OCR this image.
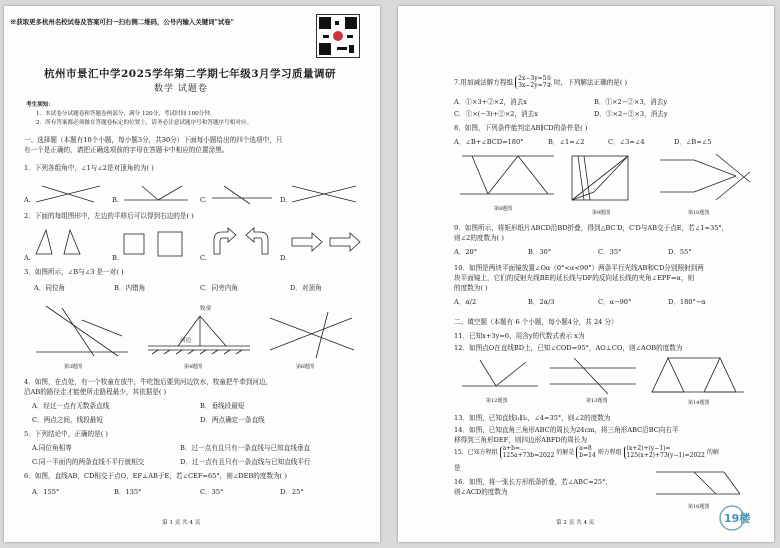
※获取更多杭州名校试卷及答案可扫一扫右侧二维码，公号内输入关键词"试卷"
杭州市景汇中学2025学年第二学期七年级3月学习质量调研
数学 试题卷
考生须知：
1．本试卷分试题卷和答题卷两部分，满分 120分，考试时间 100分钟。
2．所有答案都必须做在答题卷标定的位置上，请务必注意试题序号和答题序号相对应。
一、选择题（本题有10个小题，每小题3分，共30分）下面每小题给出的四个选项中，只
有一个是正确的，请把正确选项前的字母在答题卡中相应的位置涂黑。
1．下列各组角中，∠1与∠2是对顶角的为( )
A.	B.	C.	D.
2．下面的每组图形中，左边的平移后可以得到右边的是( )
A.	B.	C.	D.
3．如图所示，∠B与∠3 是一对( )
A．同位角	B．内错角	C．同旁内角	D．对顶角
第3题图
牧童
河边
第4题图	第6题图
4．如图，在点处，有一个牧童在放牛，牛吃饱后要到河边饮水，牧童把牛牵到河边，
沿AB的路径走才能使所走路程最少，其依据是( )
A．经过一点有无数条直线	B．垂线段最短
C．两点之间，线段最短	D．两点确定一条直线
5．下列结论中，正确的是( )
A.同位角相等	B．过一点有且只有一条直线与已知直线垂直
C.同一平面内的两条直线不平行就相交	D．过一点有且只有一条直线与已知直线平行
6．如图，直线AB，CD相交于点O，EF⊥AB于E，若∠CEF=65°，则∠DEB的度数为( )
A．155°	B．135°	C．35°	D．25°
第 1 页 共 4 页
7.用加减法解方程组 2x−3y=5①
3x−2y=7② 时，下列解法正确的是( )
A．①×3+②×2，消去x	B．①×2−②×3，消去y
C．①×(−3)+②×2，消去x	D．①×2−②×3，消去y
8．如图，下列条件能判定AB∥CD的条件是( )
A．∠B+∠BCD=180°	B．∠1=∠2	C．∠3=∠4	D．∠B=∠5
第8题图
第9题图	第10题图
9．如图所示，将矩形纸片ABCD沿BD折叠，得到△BC′D，C′D与AB交于点E，若∠1=35°，
则∠2的度数为( )
A．20°	B．30°	C．35°	D．55°
10．如图是两块平面镜放置∠Oα（0°<α<90°）两条平行光线AB和CD分别照射到两
块平面镜上，它们的反射光线BE的延长线与DF的反向延长线的夹角∠EPF=α，则
的度数为( )
A．α/2	B．2α/3	C．α−90°	D．180°−α
二、填空题（本题有 6 个小题，每小题4分，共 24 分）
11．已知x+3y=6，用含y的代数式表示 x为
12．如图点O在直线BD上，已知∠COD=95°，AO⊥CO，则∠AOB的度数为
第12题图	第13题图	第14题图
13．如图，已知直线l₁∥l₂，∠4=35°，则∠2的度数为
14．如图，已知直角三角形ABC的周长为24cm，将三角形ABC沿BC向右平
移得到三角形DEF，则四边形ABFD的周长为
15．已知方程组 a+b=…
125a+73b=2022 的解是 a=8
b=14 则方程组 (x+2)+(y−1)=
125(x+2)+73(y−1)=2022 的解
是
16．如图，将一张长方形纸条折叠，若∠ABC=25°，
则∠ACD的度数为
第16题图
第 2 页 共 4 页	19楼
